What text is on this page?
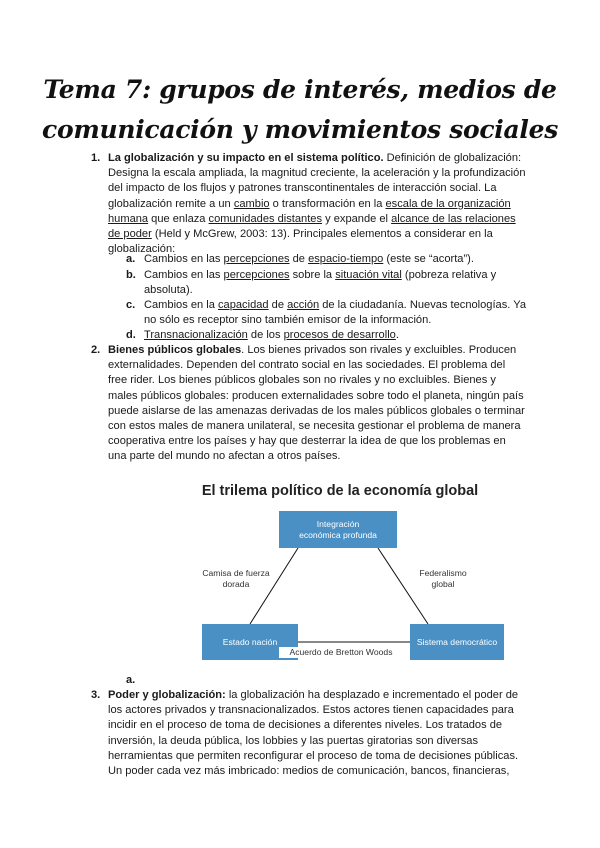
Tema 7: grupos de interés, medios de
comunicación y movimientos sociales
1. La globalización y su impacto en el sistema político. Definición de globalización:
Designa la escala ampliada, la magnitud creciente, la aceleración y la profundización
del impacto de los flujos y patrones transcontinentales de interacción social. La
globalización remite a un cambio o transformación en la escala de la organización
humana que enlaza comunidades distantes y expande el alcance de las relaciones
de poder (Held y McGrew, 2003: 13). Principales elementos a considerar en la
globalización:
a. Cambios en las percepciones de espacio-tiempo (este se “acorta”).
b. Cambios en las percepciones sobre la situación vital (pobreza relativa y
absoluta).
c. Cambios en la capacidad de acción de la ciudadanía. Nuevas tecnologías. Ya
no sólo es receptor sino también emisor de la información.
d. Transnacionalización de los procesos de desarrollo.
2. Bienes públicos globales. Los bienes privados son rivales y excluibles. Producen
externalidades. Dependen del contrato social en las sociedades. El problema del
free rider. Los bienes públicos globales son no rivales y no excluibles. Bienes y
males públicos globales: producen externalidades sobre todo el planeta, ningún país
puede aislarse de las amenazas derivadas de los males públicos globales o terminar
con estos males de manera unilateral, se necesita gestionar el problema de manera
cooperativa entre los países y hay que desterrar la idea de que los problemas en
una parte del mundo no afectan a otros países.
El trilema político de la economía global
Integración
económica profunda
Estado nación	Sistema democrático
Camisa de fuerza
dorada
Federalismo
global
Acuerdo de Bretton Woods
a.
3. Poder y globalización: la globalización ha desplazado e incrementado el poder de
los actores privados y transnacionalizados. Estos actores tienen capacidades para
incidir en el proceso de toma de decisiones a diferentes niveles. Los tratados de
inversión, la deuda pública, los lobbies y las puertas giratorias son diversas
herramientas que permiten reconfigurar el proceso de toma de decisiones públicas.
Un poder cada vez más imbricado: medios de comunicación, bancos, financieras,
